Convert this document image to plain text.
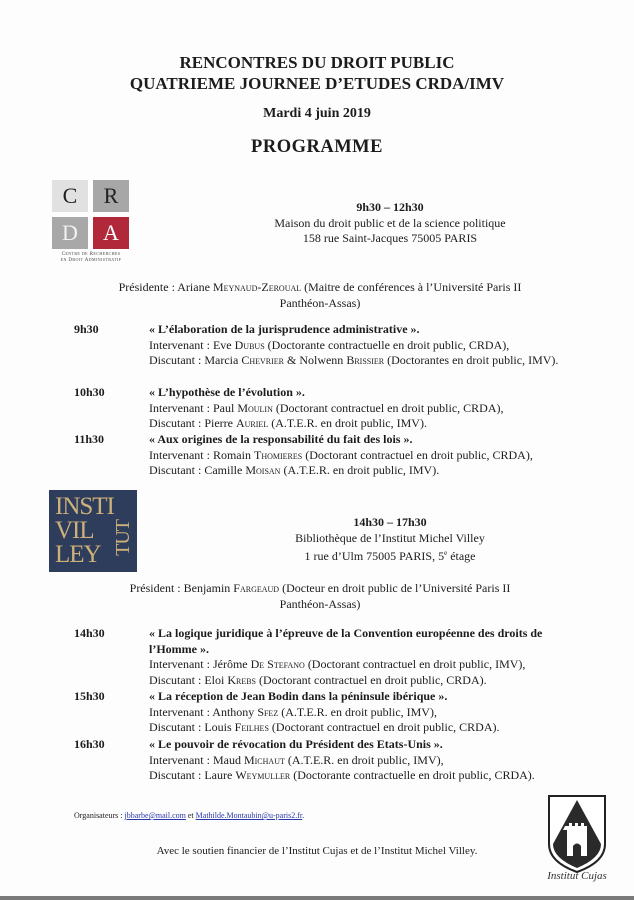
RENCONTRES DU DROIT PUBLIC
QUATRIEME JOURNEE D’ETUDES CRDA/IMV
Mardi 4 juin 2019
PROGRAMME
C	R
D	A
Centre de Recherches
en Droit Administratif
9h30 – 12h30
Maison du droit public et de la science politique
158 rue Saint-Jacques 75005 PARIS
Présidente : Ariane Meynaud-Zeroual (Maitre de conférences à l’Université Paris II
Panthéon-Assas)
9h30	« L’élaboration de la jurisprudence administrative ».
Intervenant : Eve Dubus (Doctorante contractuelle en droit public, CRDA),
Discutant : Marcia Chevrier & Nolwenn Brissier (Doctorantes en droit public, IMV).
10h30	« L’hypothèse de l’évolution ».
Intervenant : Paul Moulin (Doctorant contractuel en droit public, CRDA),
Discutant : Pierre Auriel (A.T.E.R. en droit public, IMV).
11h30	« Aux origines de la responsabilité du fait des lois ».
Intervenant : Romain Thomieres (Doctorant contractuel en droit public, CRDA),
Discutant : Camille Moisan (A.T.E.R. en droit public, IMV).
INSTI
VIL
LEY TUT	14h30 – 17h30
Bibliothèque de l’Institut Michel Villey
1 rue d’Ulm 75005 PARIS, 5e étage
Président : Benjamin Fargeaud (Docteur en droit public de l’Université Paris II
Panthéon-Assas)
14h30	« La logique juridique à l’épreuve de la Convention européenne des droits de l’Homme ».
Intervenant : Jérôme De Stefano (Doctorant contractuel en droit public, IMV),
Discutant : Eloi Krebs (Doctorant contractuel en droit public, CRDA).
15h30	« La réception de Jean Bodin dans la péninsule ibérique ».
Intervenant : Anthony Sfez (A.T.E.R. en droit public, IMV),
Discutant : Louis Feilhes (Doctorant contractuel en droit public, CRDA).
16h30	« Le pouvoir de révocation du Président des Etats-Unis ».
Intervenant : Maud Michaut (A.T.E.R. en droit public, IMV),
Discutant : Laure Weymuller (Doctorante contractuelle en droit public, CRDA).
Organisateurs : jbbarbe@mail.com et Mathilde.Montaubin@u-paris2.fr.
Avec le soutien financier de l’Institut Cujas et de l’Institut Michel Villey.
Institut Cujas
